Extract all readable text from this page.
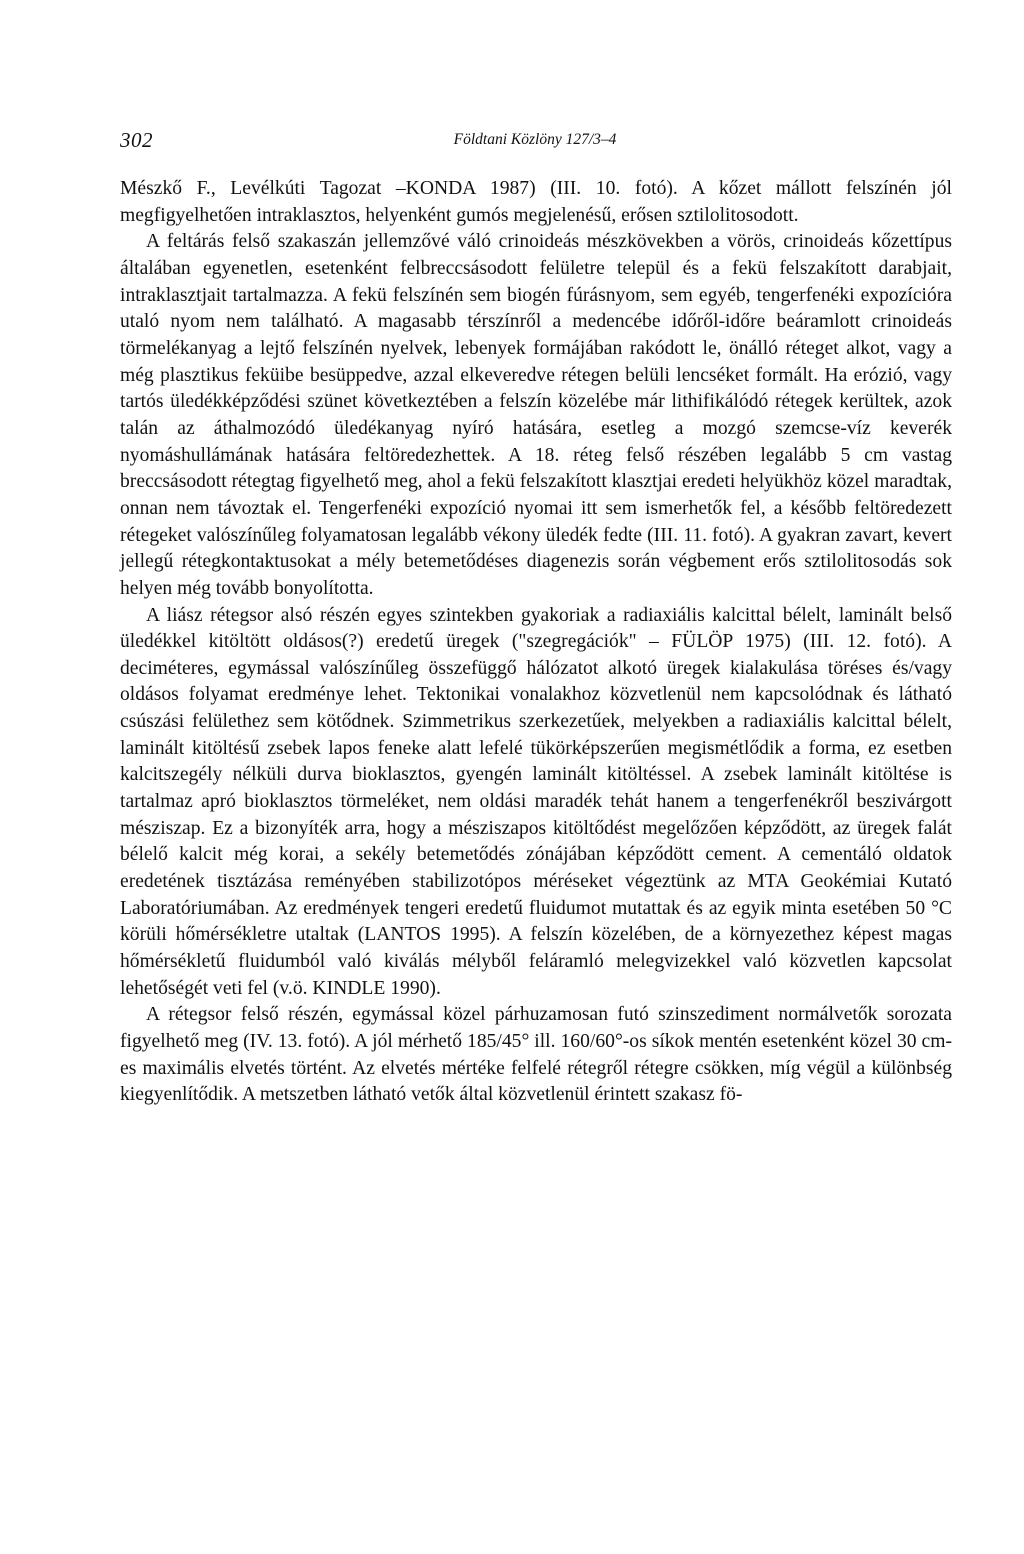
302	Földtani Közlöny 127/3–4

Mészkő F., Levélkúti Tagozat –KONDA 1987) (III. 10. fotó). A kőzet mállott felszínén jól megfigyelhetően intraklasztos, helyenként gumós megjelenésű, erősen sztilolitosodott.

A feltárás felső szakaszán jellemzővé váló crinoideás mészkövekben a vörös, crinoideás kőzettípus általában egyenetlen, esetenként felbreccsásodott felületre települ és a fekü felszakított darabjait, intraklasztjait tartalmazza. A fekü felszínén sem biogén fúrásnyom, sem egyéb, tengerfenéki expozícióra utaló nyom nem található. A magasabb térszínről a medencébe időről-időre beáramlott crinoideás törmelékanyag a lejtő felszínén nyelvek, lebenyek formájában rakódott le, önálló réteget alkot, vagy a még plasztikus feküibe besüppedve, azzal elkeveredve rétegen belüli lencséket formált. Ha erózió, vagy tartós üledékképződési szünet következtében a felszín közelébe már lithifikálódó rétegek kerültek, azok talán az áthalmozódó üledékanyag nyíró hatására, esetleg a mozgó szemcse-víz keverék nyomáshullámának hatására feltöredezhettek. A 18. réteg felső részében legalább 5 cm vastag breccsásodott rétegtag figyelhető meg, ahol a fekü felszakított klasztjai eredeti helyükhöz közel maradtak, onnan nem távoztak el. Tengerfenéki expozíció nyomai itt sem ismerhetők fel, a később feltöredezett rétegeket valószínűleg folyamatosan legalább vékony üledék fedte (III. 11. fotó). A gyakran zavart, kevert jellegű rétegkontaktusokat a mély betemetődéses diagenezis során végbement erős sztilolitosodás sok helyen még tovább bonyolította.

A liász rétegsor alsó részén egyes szintekben gyakoriak a radiaxiális kalcittal bélelt, laminált belső üledékkel kitöltött oldásos(?) eredetű üregek ("szegregációk" – FÜLÖP 1975) (III. 12. fotó). A deciméteres, egymással valószínűleg összefüggő hálózatot alkotó üregek kialakulása töréses és/vagy oldásos folyamat eredménye lehet. Tektonikai vonalakhoz közvetlenül nem kapcsolódnak és látható csúszási felülethez sem kötődnek. Szimmetrikus szerkezetűek, melyekben a radiaxiális kalcittal bélelt, laminált kitöltésű zsebek lapos feneke alatt lefelé tükörképszerűen megismétlődik a forma, ez esetben kalcitszegély nélküli durva bioklasztos, gyengén laminált kitöltéssel. A zsebek laminált kitöltése is tartalmaz apró bioklasztos törmeléket, nem oldási maradék tehát hanem a tengerfenékről beszivárgott mésziszap. Ez a bizonyíték arra, hogy a mésziszapos kitöltődést megelőzően képződött, az üregek falát bélelő kalcit még korai, a sekély betemetődés zónájában képződött cement. A cementáló oldatok eredetének tisztázása reményében stabilizotópos méréseket végeztünk az MTA Geokémiai Kutató Laboratóriumában. Az eredmények tengeri eredetű fluidumot mutattak és az egyik minta esetében 50 °C körüli hőmérsékletre utaltak (LANTOS 1995). A felszín közelében, de a környezethez képest magas hőmérsékletű fluidumból való kiválás mélyből feláramló melegvizekkel való közvetlen kapcsolat lehetőségét veti fel (v.ö. KINDLE 1990).

A rétegsor felső részén, egymással közel párhuzamosan futó szinszediment normálvetők sorozata figyelhető meg (IV. 13. fotó). A jól mérhető 185/45° ill. 160/60°-os síkok mentén esetenként közel 30 cm-es maximális elvetés történt. Az elvetés mértéke felfelé rétegről rétegre csökken, míg végül a különbség kiegyenlítődik. A metszetben látható vetők által közvetlenül érintett szakasz fö-
